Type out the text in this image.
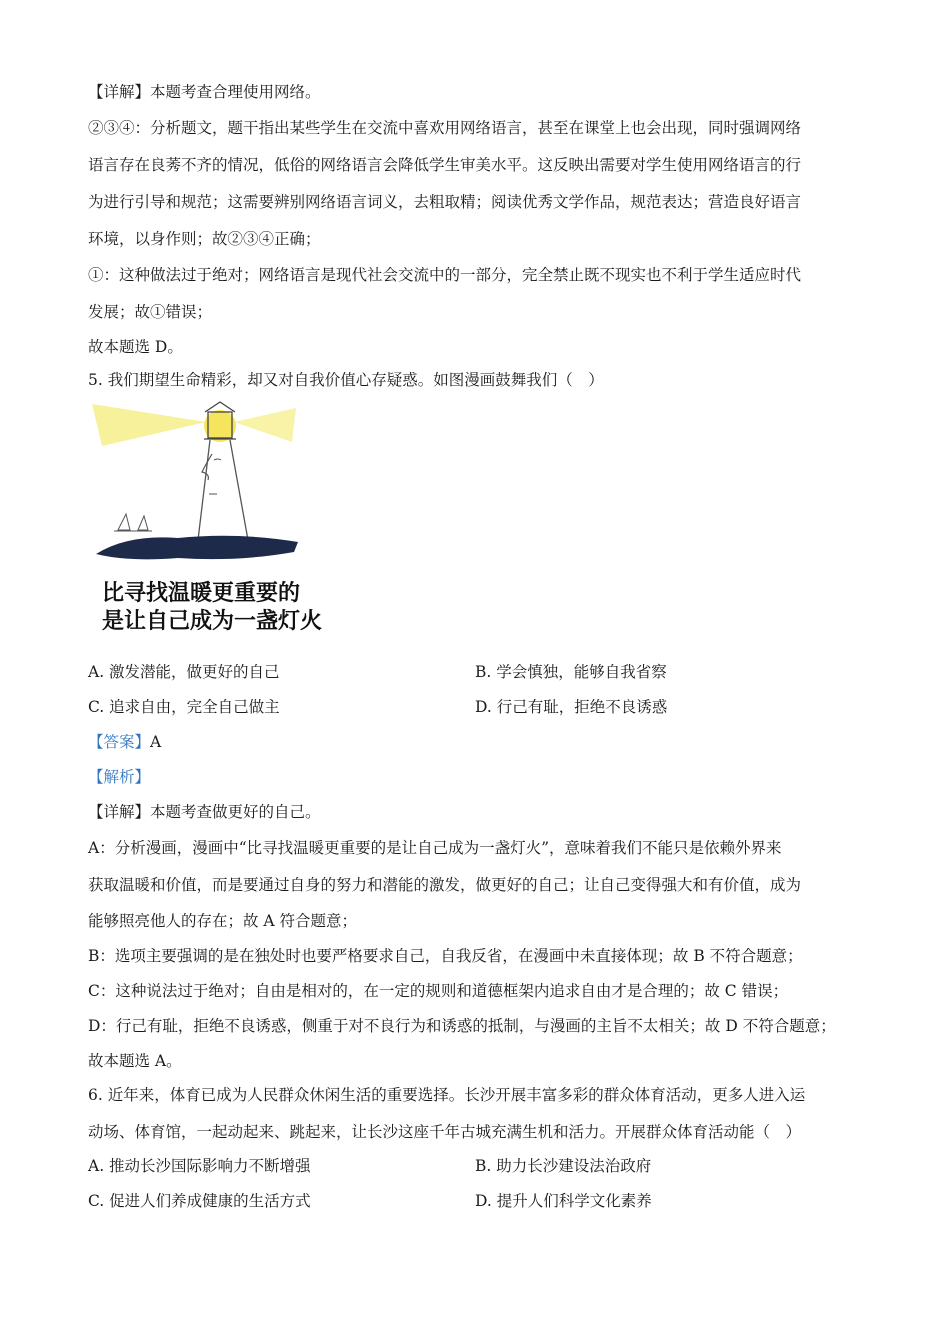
【详解】本题考查合理使用网络。
②③④：分析题文，题干指出某些学生在交流中喜欢用网络语言，甚至在课堂上也会出现，同时强调网络
语言存在良莠不齐的情况，低俗的网络语言会降低学生审美水平。这反映出需要对学生使用网络语言的行
为进行引导和规范；这需要辨别网络语言词义，去粗取精；阅读优秀文学作品，规范表达；营造良好语言
环境，以身作则；故②③④正确；
①：这种做法过于绝对；网络语言是现代社会交流中的一部分，完全禁止既不现实也不利于学生适应时代
发展；故①错误；
故本题选 D。
5. 我们期望生命精彩，却又对自我价值心存疑惑。如图漫画鼓舞我们（　）
比寻找温暖更重要的
是让自己成为一盏灯火
A. 激发潜能，做更好的自己	B. 学会慎独，能够自我省察
C. 追求自由，完全自己做主	D. 行己有耻，拒绝不良诱惑
【答案】A
【解析】
【详解】本题考查做更好的自己。
A：分析漫画，漫画中“比寻找温暖更重要的是让自己成为一盏灯火”，意味着我们不能只是依赖外界来
获取温暖和价值，而是要通过自身的努力和潜能的激发，做更好的自己；让自己变得强大和有价值，成为
能够照亮他人的存在；故 A 符合题意；
B：选项主要强调的是在独处时也要严格要求自己，自我反省，在漫画中未直接体现；故 B 不符合题意；
C：这种说法过于绝对；自由是相对的，在一定的规则和道德框架内追求自由才是合理的；故 C 错误；
D：行己有耻，拒绝不良诱惑，侧重于对不良行为和诱惑的抵制，与漫画的主旨不太相关；故 D 不符合题意；
故本题选 A。
6. 近年来，体育已成为人民群众休闲生活的重要选择。长沙开展丰富多彩的群众体育活动，更多人进入运
动场、体育馆，一起动起来、跳起来，让长沙这座千年古城充满生机和活力。开展群众体育活动能（　）
A. 推动长沙国际影响力不断增强	B. 助力长沙建设法治政府
C. 促进人们养成健康的生活方式	D. 提升人们科学文化素养
